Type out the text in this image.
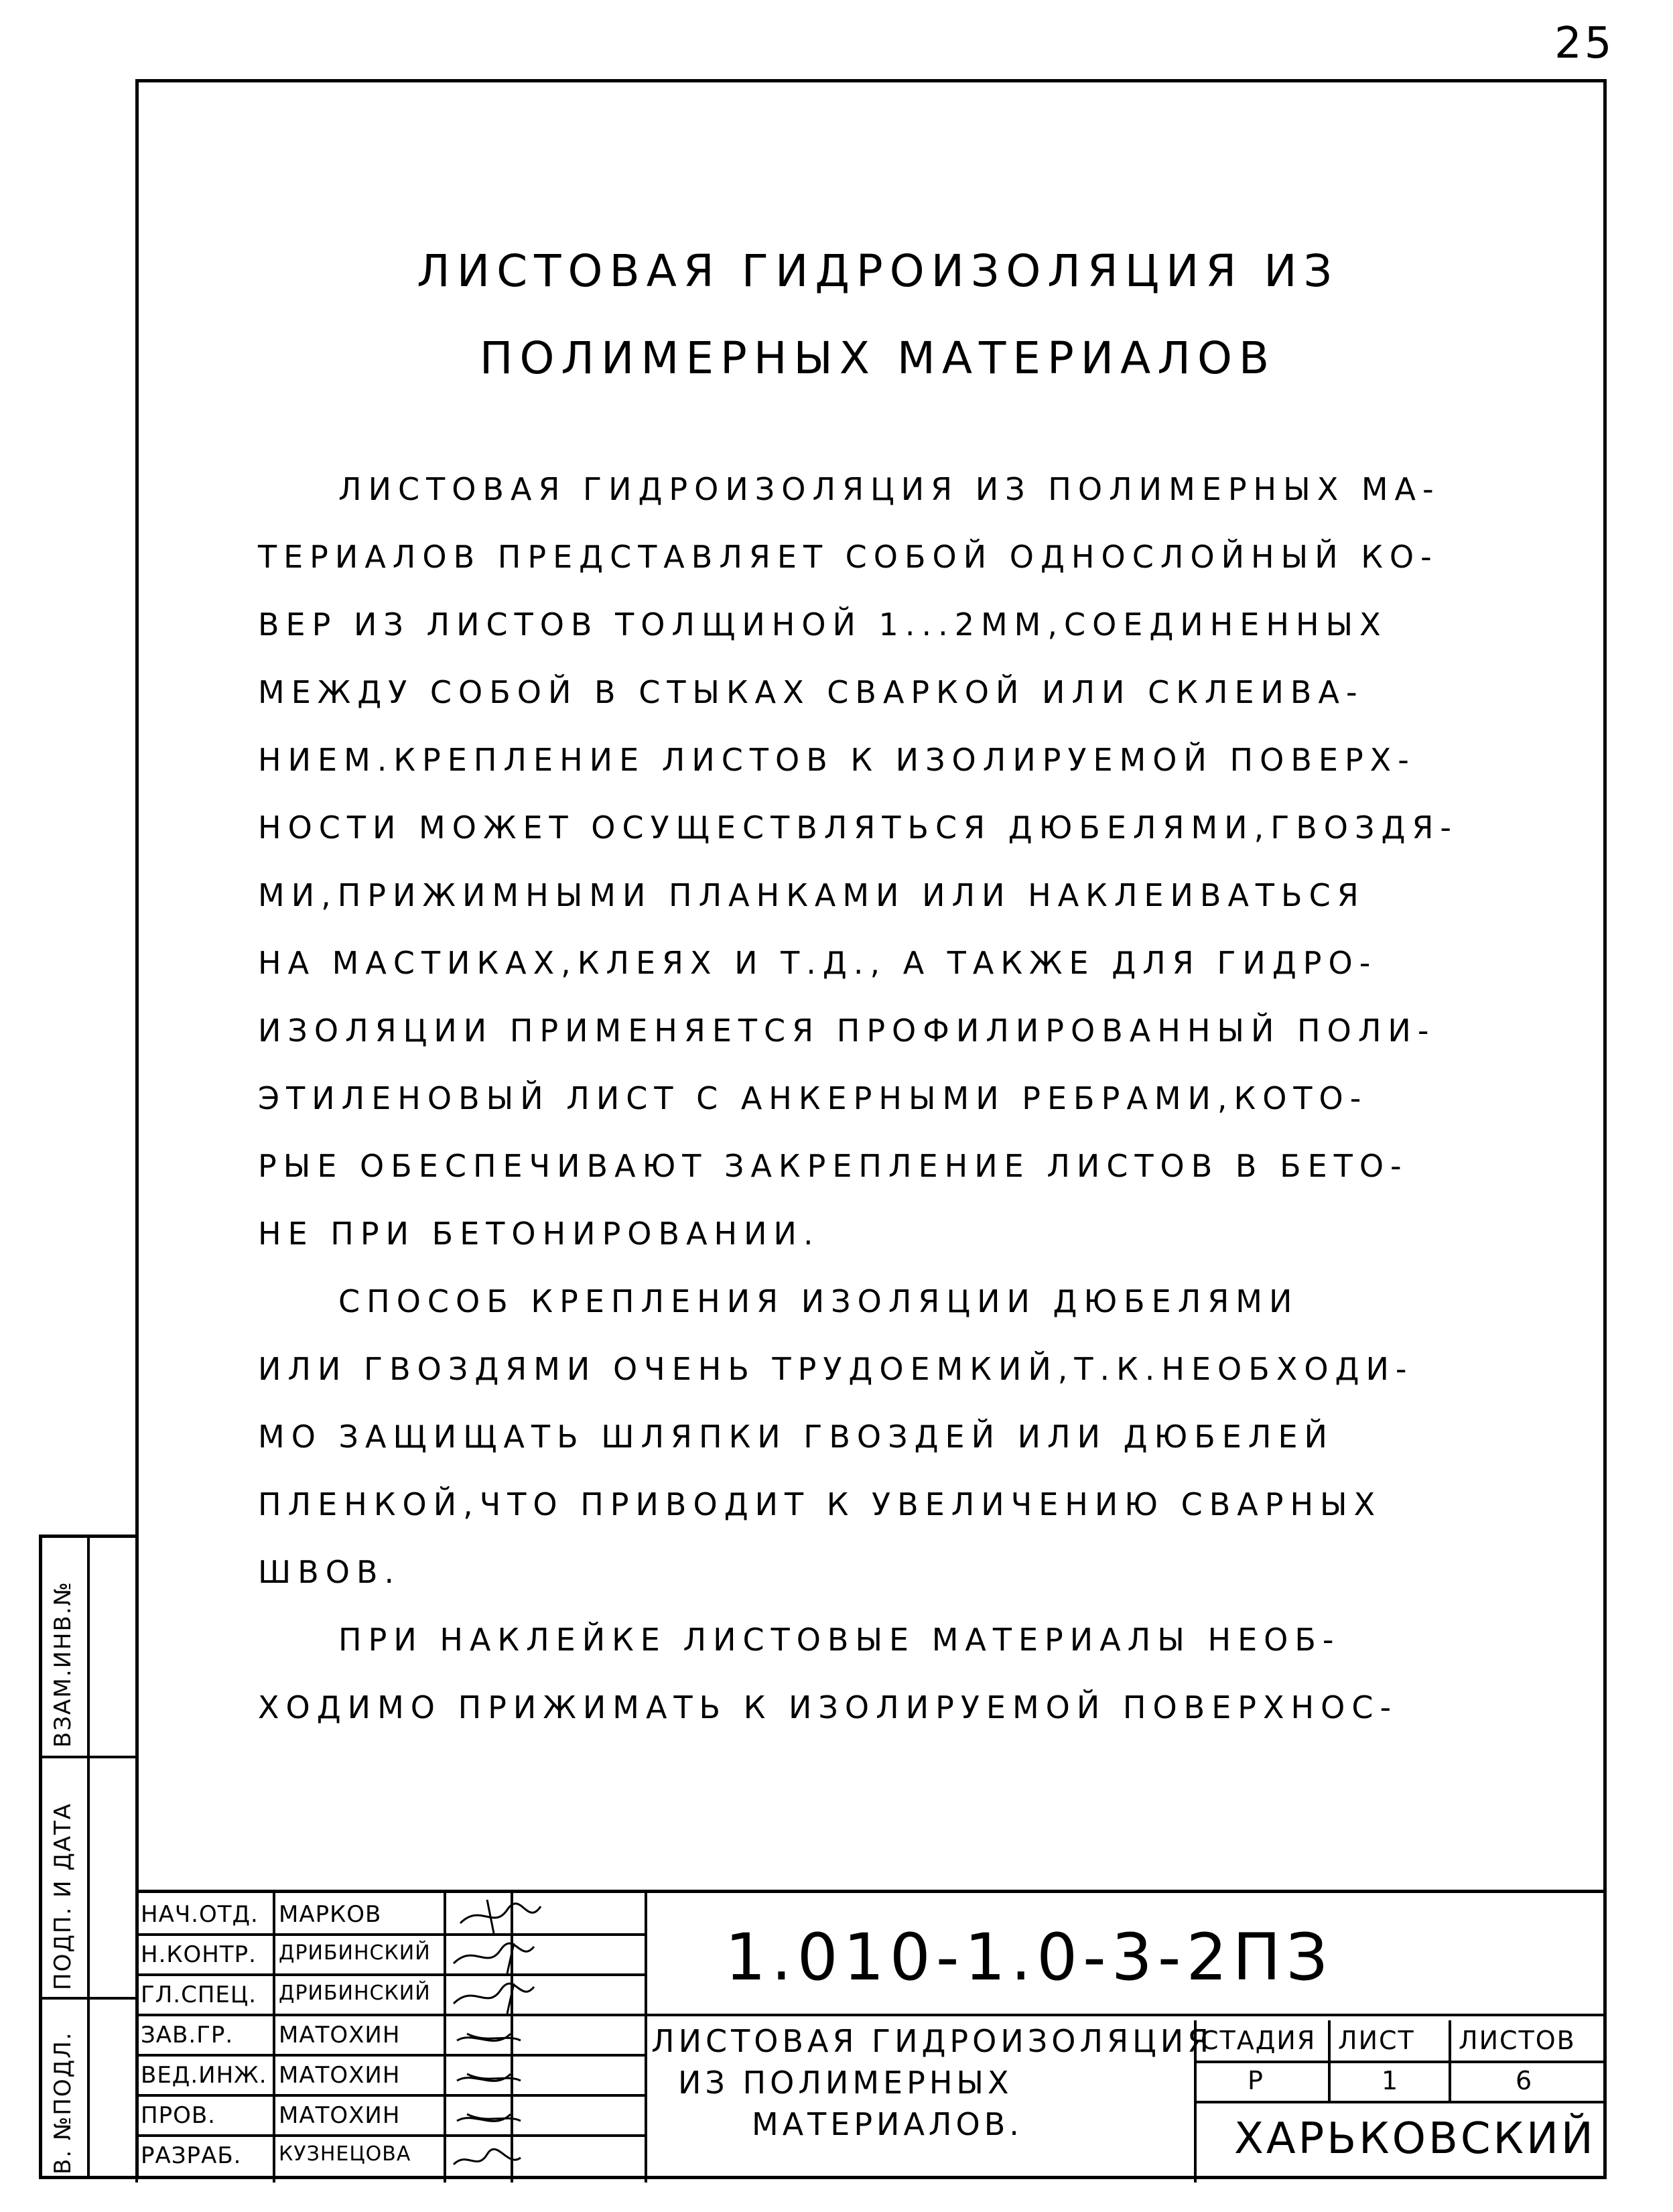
25
ЛИСТОВАЯ ГИДРОИЗОЛЯЦИЯ ИЗ
ПОЛИМЕРНЫХ МАТЕРИАЛОВ
ЛИСТОВАЯ ГИДРОИЗОЛЯЦИЯ ИЗ ПОЛИМЕРНЫХ МА-
ТЕРИАЛОВ ПРЕДСТАВЛЯЕТ СОБОЙ ОДНОСЛОЙНЫЙ КО-
ВЕР ИЗ ЛИСТОВ ТОЛЩИНОЙ 1...2ММ,СОЕДИНЕННЫХ
МЕЖДУ СОБОЙ В СТЫКАХ СВАРКОЙ ИЛИ СКЛЕИВА-
НИЕМ.КРЕПЛЕНИЕ ЛИСТОВ К ИЗОЛИРУЕМОЙ ПОВЕРХ-
НОСТИ МОЖЕТ ОСУЩЕСТВЛЯТЬСЯ ДЮБЕЛЯМИ,ГВОЗДЯ-
МИ,ПРИЖИМНЫМИ ПЛАНКАМИ ИЛИ НАКЛЕИВАТЬСЯ
НА МАСТИКАХ,КЛЕЯХ И Т.Д., А ТАКЖЕ ДЛЯ ГИДРО-
ИЗОЛЯЦИИ ПРИМЕНЯЕТСЯ ПРОФИЛИРОВАННЫЙ ПОЛИ-
ЭТИЛЕНОВЫЙ ЛИСТ С АНКЕРНЫМИ РЕБРАМИ,КОТО-
РЫЕ ОБЕСПЕЧИВАЮТ ЗАКРЕПЛЕНИЕ ЛИСТОВ В БЕТО-
НЕ ПРИ БЕТОНИРОВАНИИ.
СПОСОБ КРЕПЛЕНИЯ ИЗОЛЯЦИИ ДЮБЕЛЯМИ
ИЛИ ГВОЗДЯМИ ОЧЕНЬ ТРУДОЕМКИЙ,Т.К.НЕОБХОДИ-
МО ЗАЩИЩАТЬ ШЛЯПКИ ГВОЗДЕЙ ИЛИ ДЮБЕЛЕЙ
ПЛЕНКОЙ,ЧТО ПРИВОДИТ К УВЕЛИЧЕНИЮ СВАРНЫХ
ШВОВ.
ПРИ НАКЛЕЙКЕ ЛИСТОВЫЕ МАТЕРИАЛЫ НЕОБ-
ХОДИМО ПРИЖИМАТЬ К ИЗОЛИРУЕМОЙ ПОВЕРХНОС-
ВЗАМ.ИНВ.№
ПОДП. И ДАТА
В. №ПОДЛ.
НАЧ.ОТД. МАРКОВ
Н.КОНТР. ДРИБИНСКИЙ
ГЛ.СПЕЦ. ДРИБИНСКИЙ
ЗАВ.ГР. МАТОХИН
ВЕД.ИНЖ. МАТОХИН
ПРОВ.	МАТОХИН
РАЗРАБ. КУЗНЕЦОВА
1.010-1.0-3-2ПЗ
ЛИСТОВАЯ ГИДРОИЗОЛЯЦИЯ
ИЗ ПОЛИМЕРНЫХ
МАТЕРИАЛОВ.
СТАДИЯ ЛИСТ ЛИСТОВ
Р	1	6
ХАРЬКОВСКИЙ
